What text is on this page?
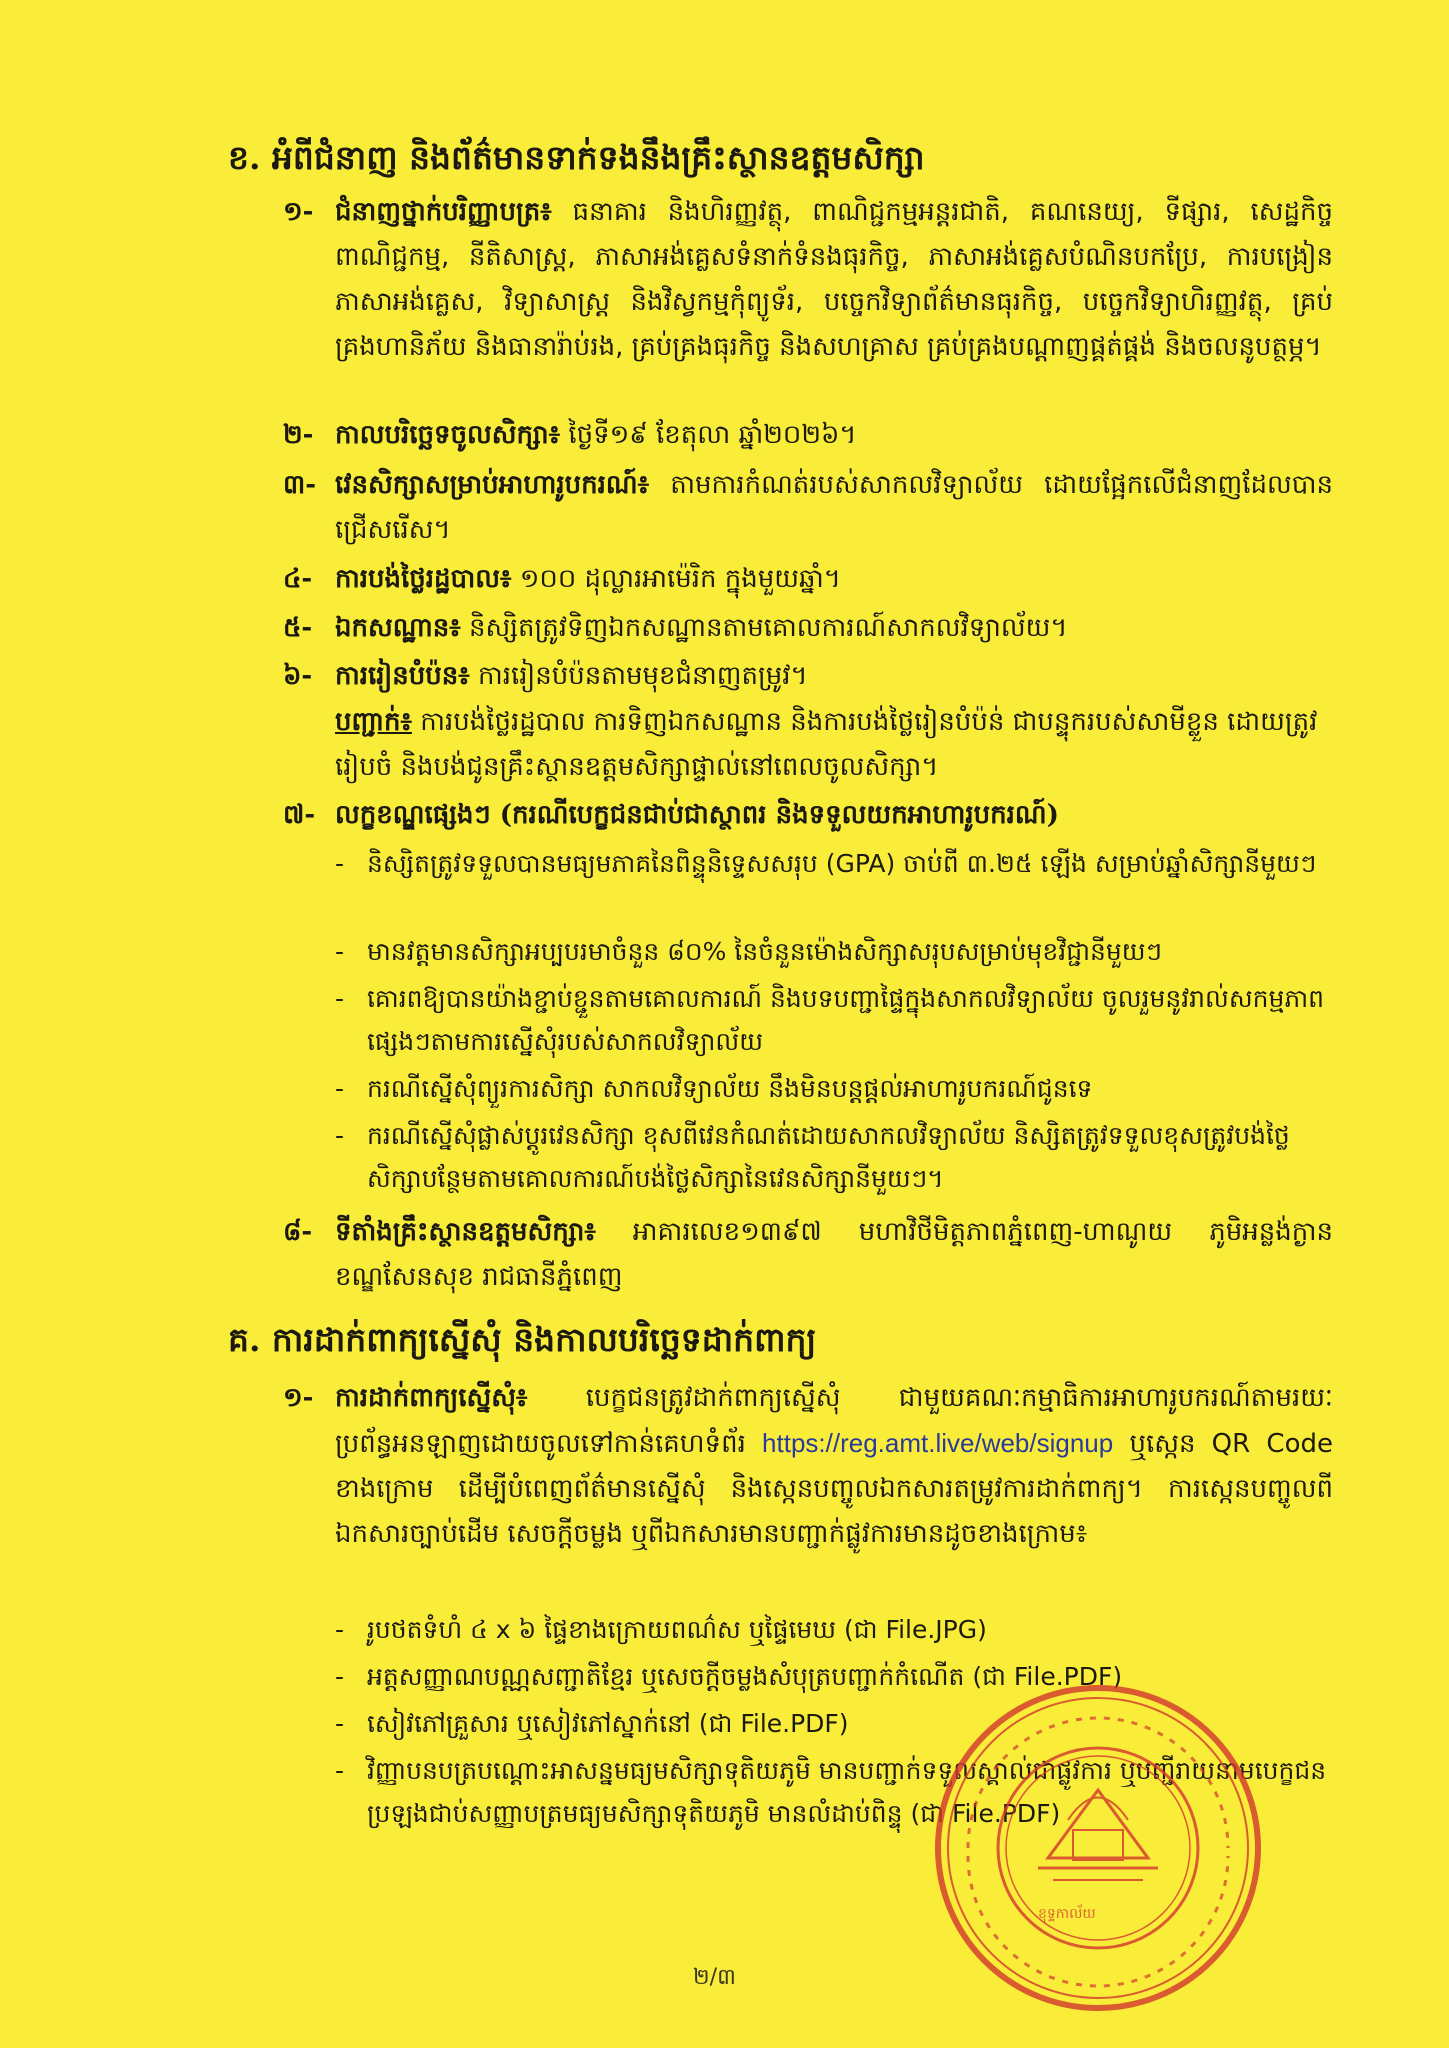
ខ. អំពីជំនាញ និងព័ត៌មានទាក់ទងនឹងគ្រឹះស្ថានឧត្តមសិក្សា
១- ជំនាញថ្នាក់បរិញ្ញាបត្រ៖ ធនាគារ និងហិរញ្ញវត្ថុ, ពាណិជ្ជកម្មអន្តរជាតិ, គណនេយ្យ, ទីផ្សារ, សេដ្ឋកិច្ចពាណិជ្ជកម្ម, នីតិសាស្ត្រ, ភាសាអង់គ្លេសទំនាក់ទំនងធុរកិច្ច, ភាសាអង់គ្លេសបំណិនបកប្រែ, ការបង្រៀនភាសាអង់គ្លេស, វិទ្យាសាស្ត្រ និងវិស្វកម្មកុំព្យូទ័រ, បច្ចេកវិទ្យាព័ត៌មានធុរកិច្ច, បច្ចេកវិទ្យាហិរញ្ញវត្ថុ, គ្រប់គ្រងហានិភ័យ និងធានារ៉ាប់រង, គ្រប់គ្រងធុរកិច្ច និងសហគ្រាស គ្រប់គ្រងបណ្តាញផ្គត់ផ្គង់ និងចលនូបត្ថម្ភ។
២- កាលបរិច្ឆេទចូលសិក្សា៖ ថ្ងៃទី១៩ ខែតុលា ឆ្នាំ២០២៦។
៣- វេនសិក្សាសម្រាប់អាហារូបករណ៍៖ តាមការកំណត់របស់សាកលវិទ្យាល័យ ដោយផ្អែកលើជំនាញដែលបានជ្រើសរើស។
៤- ការបង់ថ្លៃរដ្ឋបាល៖ ១០០ ដុល្លារអាម៉េរិក ក្នុងមួយឆ្នាំ។
៥- ឯកសណ្ឋាន៖ និស្សិតត្រូវទិញឯកសណ្ឋានតាមគោលការណ៍សាកលវិទ្យាល័យ។
៦- ការរៀនបំប៉ន៖ ការរៀនបំប៉នតាមមុខជំនាញតម្រូវ។
បញ្ជាក់៖ ការបង់ថ្លៃរដ្ឋបាល ការទិញឯកសណ្ឋាន និងការបង់ថ្លៃរៀនបំប៉ន់ ជាបន្ទុករបស់សាមីខ្លួន ដោយត្រូវរៀបចំ និងបង់ជូនគ្រឹះស្ថានឧត្តមសិក្សាផ្ទាល់នៅពេលចូលសិក្សា។
៧- លក្ខខណ្ឌផ្សេងៗ (ករណីបេក្ខជនជាប់ជាស្ថាពរ និងទទួលយកអាហារូបករណ៍)
- និស្សិតត្រូវទទួលបានមធ្យមភាគនៃពិន្ទុនិទ្ទេសសរុប (GPA) ចាប់ពី ៣.២៥ ឡើង សម្រាប់ឆ្នាំសិក្សានីមួយៗ
- មានវត្តមានសិក្សាអប្បបរមាចំនួន ៨០% នៃចំនួនម៉ោងសិក្សាសរុបសម្រាប់មុខវិជ្ជានីមួយៗ
- គោរពឱ្យបានយ៉ាងខ្ជាប់ខ្ជួនតាមគោលការណ៍ និងបទបញ្ជាផ្ទៃក្នុងសាកលវិទ្យាល័យ ចូលរួមនូវរាល់សកម្មភាពផ្សេងៗតាមការស្នើសុំរបស់សាកលវិទ្យាល័យ
- ករណីស្នើសុំព្យួរការសិក្សា សាកលវិទ្យាល័យ នឹងមិនបន្តផ្តល់អាហារូបករណ៍ជូនទេ
- ករណីស្នើសុំផ្លាស់ប្តូរវេនសិក្សា ខុសពីវេនកំណត់ដោយសាកលវិទ្យាល័យ និស្សិតត្រូវទទួលខុសត្រូវបង់ថ្លៃសិក្សាបន្ថែមតាមគោលការណ៍បង់ថ្លៃសិក្សានៃវេនសិក្សានីមួយៗ។
៨- ទីតាំងគ្រឹះស្ថានឧត្តមសិក្សា៖ អាគារលេខ១៣៩៧ មហាវិថីមិត្តភាពភ្នំពេញ-ហាណូយ ភូមិអន្លង់ក្ងាន ខណ្ឌសែនសុខ រាជធានីភ្នំពេញ
គ. ការដាក់ពាក្យស្នើសុំ និងកាលបរិច្ឆេទដាក់ពាក្យ
១- ការដាក់ពាក្យស្នើសុំ៖ បេក្ខជនត្រូវដាក់ពាក្យស្នើសុំ ជាមួយគណៈកម្មាធិការអាហារូបករណ៍តាមរយៈប្រព័ន្ធអនឡាញដោយចូលទៅកាន់គេហទំព័រ https://reg.amt.live/web/signup ឬស្កេន QR Code ខាងក្រោម ដើម្បីបំពេញព័ត៌មានស្នើសុំ និងស្កេនបញ្ចូលឯកសារតម្រូវការដាក់ពាក្យ។ ការស្កេនបញ្ចូលពីឯកសារច្បាប់ដើម សេចក្តីចម្លង ឬពីឯកសារមានបញ្ជាក់ផ្លូវការមានដូចខាងក្រោម៖
- រូបថតទំហំ ៤ x ៦ ផ្ទៃខាងក្រោយពណ៌ស ឬផ្ទៃមេឃ (ជា File.JPG)
- អត្តសញ្ញាណបណ្ណសញ្ជាតិខ្មែរ ឬសេចក្តីចម្លងសំបុត្របញ្ជាក់កំណើត (ជា File.PDF)
- សៀវភៅគ្រួសារ ឬសៀវភៅស្នាក់នៅ (ជា File.PDF)
- វិញ្ញាបនបត្របណ្តោះអាសន្នមធ្យមសិក្សាទុតិយភូមិ មានបញ្ជាក់ទទួលស្គាល់ជាផ្លូវការ ឬបញ្ជីរាយនាមបេក្ខជនប្រឡងជាប់សញ្ញាបត្រមធ្យមសិក្សាទុតិយភូមិ មានលំដាប់ពិន្ទុ (ជា File.PDF)
ខុទ្ទកាល័យ
២/៣
